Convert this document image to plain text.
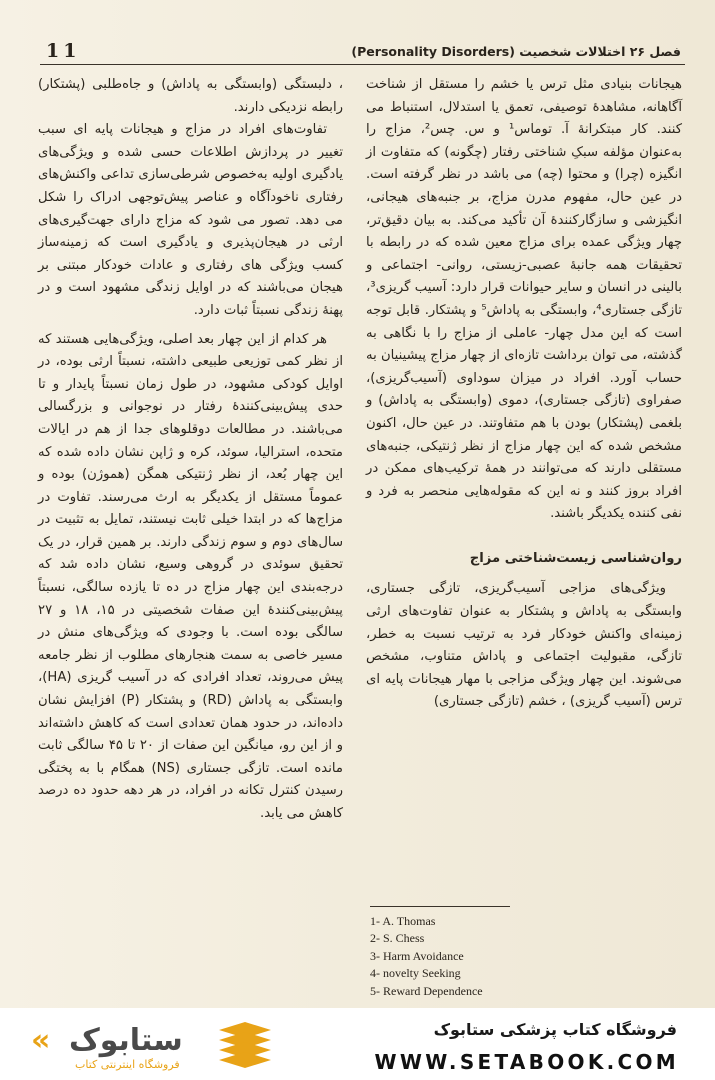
11	فصل ۲۶ اختلالات شخصیت (Personality Disorders)

هیجانات بنیادی مثل ترس یا خشم را مستقل از شناخت آگاهانه، مشاهدهٔ توصیفی، تعمق یا استدلال، استنباط می کنند. کار مبتکرانهٔ آ. توماس¹ و س. چس²، مزاج را به‌عنوان مؤلفه سبکِ شناختی رفتار (چگونه) که متفاوت از انگیزه (چرا) و محتوا (چه) می باشد در نظر گرفته است. در عین حال، مفهوم مدرن مزاج، بر جنبه‌های هیجانی، انگیزشی و سازگارکنندهٔ آن تأکید می‌کند. به بیان دقیق‌تر، چهار ویژگی عمده برای مزاج معین شده که در رابطه با تحقیقات همه جانبهٔ عصبی-زیستی، روانی- اجتماعی و بالینی در انسان و سایر حیوانات قرار دارد: آسیب گریزی³، تازگی جستاری⁴، وابستگی به پاداش⁵ و پشتکار. قابل توجه است که این مدل چهار- عاملی از مزاج را با نگاهی به گذشته، می توان برداشت تازه‌ای از چهار مزاج پیشینیان به حساب آورد. افراد در میزان سوداوی (آسیب‌گریزی)، صفراوی (تازگی جستاری)، دموی (وابستگی به پاداش) و بلغمی (پشتکار) بودن با هم متفاوتند. در عین حال، اکنون مشخص شده که این چهار مزاج از نظر ژنتیکی، جنبه‌های مستقلی دارند که می‌توانند در همهٔ ترکیب‌های ممکن در افراد بروز کنند و نه این که مقوله‌هایی منحصر به فرد و نفی کننده یکدیگر باشند.

روان‌شناسی زیست‌شناختی مزاج

ویژگی‌های مزاجی آسیب‌گریزی، تازگی جستاری، وابستگی به پاداش و پشتکار به عنوان تفاوت‌های ارثی زمینه‌ای واکنش خودکار فرد به ترتیب نسبت به خطر، تازگی، مقبولیت اجتماعی و پاداش متناوب، مشخص می‌شوند. این چهار ویژگی مزاجی با مهار هیجانات پایه ای ترس (آسیب گریزی) ، خشم (تازگی جستاری)

، دلبستگی (وابستگی به پاداش) و جاه‌طلبی (پشتکار) رابطه نزدیکی دارند.

تفاوت‌های افراد در مزاج و هیجانات پایه ای سبب تغییر در پردازش اطلاعات حسی شده و ویژگی‌های یادگیری اولیه به‌خصوص شرطی‌سازی تداعی واکنش‌های رفتاری ناخودآگاه و عناصر پیش‌توجهی ادراک را شکل می دهد. تصور می شود که مزاج دارای جهت‌گیری‌های ارثی در هیجان‌پذیری و یادگیری است که زمینه‌ساز کسب ویژگی های رفتاری و عادات خودکار مبتنی بر هیجان می‌باشند که در اوایل زندگی مشهود است و در پهنهٔ زندگی نسبتاً ثبات دارد.

هر کدام از این چهار بعد اصلی، ویژگی‌هایی هستند که از نظر کمی توزیعی طبیعی داشته، نسبتاً ارثی بوده، در اوایل کودکی مشهود، در طول زمان نسبتاً پایدار و تا حدی پیش‌بینی‌کنندهٔ رفتار در نوجوانی و بزرگسالی می‌باشند. در مطالعات دوقلوهای جدا از هم در ایالات متحده، استرالیا، سوئد، کره و ژاپن نشان داده شده که این چهار بُعد، از نظر ژنتیکی همگن (هموژن) بوده و عموماً مستقل از یکدیگر به ارث می‌رسند. تفاوت در مزاج‌ها که در ابتدا خیلی ثابت نیستند، تمایل به تثبیت در سال‌های دوم و سوم زندگی دارند. بر همین قرار، در یک تحقیق سوئدی در گروهی وسیع، نشان داده شد که درجه‌بندی این چهار مزاج در ده تا یازده سالگی، نسبتاً پیش‌بینی‌کنندهٔ این صفات شخصیتی در ۱۵، ۱۸ و ۲۷ سالگی بوده است. با وجودی که ویژگی‌های منش در مسیر خاصی به سمت هنجارهای مطلوب از نظر جامعه پیش می‌روند، تعداد افرادی که در آسیب گریزی (HA)، وابستگی به پاداش (RD) و پشتکار (P) افزایش نشان داده‌اند، در حدود همان تعدادی است که کاهش داشته‌اند و از این رو، میانگین این صفات از ۲۰ تا ۴۵ سالگی ثابت مانده است. تازگی جستاری (NS) همگام با به پختگی رسیدن کنترل تکانه در افراد، در هر دهه حدود ده درصد کاهش می یابد.

1- A. Thomas
2- S. Chess
3- Harm Avoidance
4- novelty Seeking
5- Reward Dependence
« ستابوک
فروشگاه اینترنتی کتاب
فروشگاه کتاب پزشکی ستابوک
WWW.SETABOOK.COM
